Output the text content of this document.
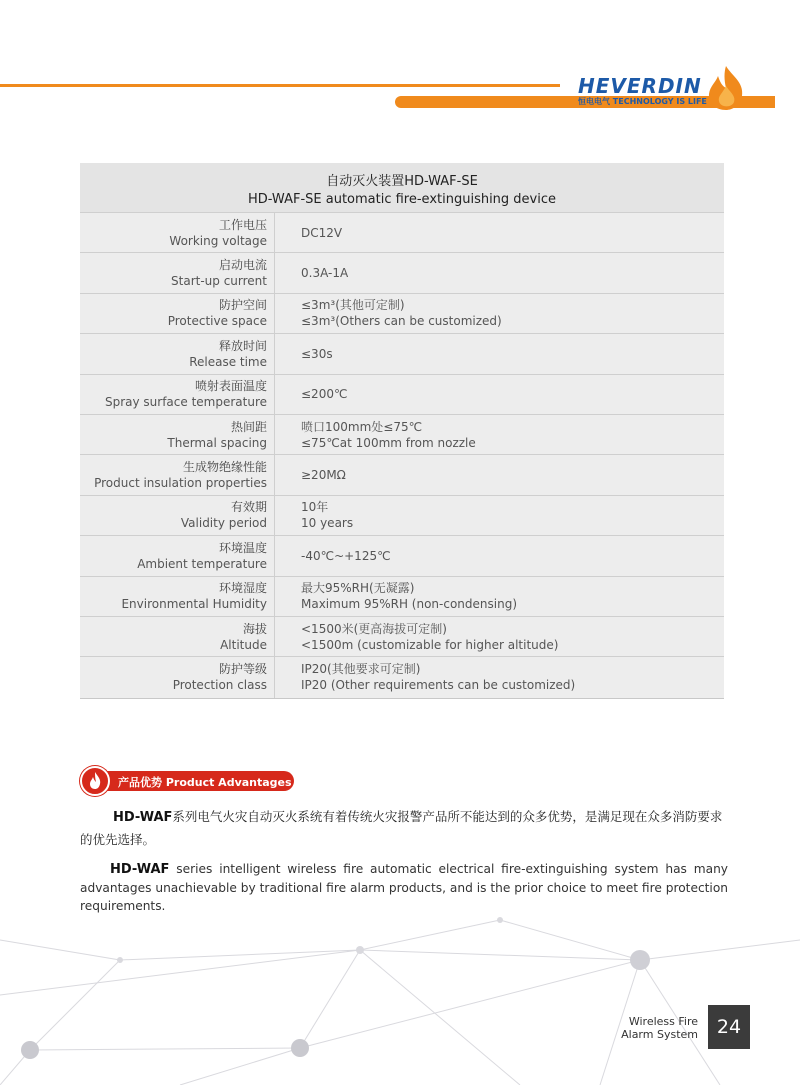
HEVERDIN
恒电电气 TECHNOLOGY IS LIFE
自动灭火装置HD-WAF-SE
HD-WAF-SE automatic fire-extinguishing device
工作电压
Working voltage
DC12V
启动电流
Start-up current
0.3A-1A
防护空间
Protective space
≤3m³(其他可定制)
≤3m³(Others can be customized)
释放时间
Release time
≤30s
喷射表面温度
Spray surface temperature
≤200℃
热间距
Thermal spacing
喷口100mm处≤75℃
≤75℃at 100mm from nozzle
生成物绝缘性能
Product insulation properties
≥20MΩ
有效期
Validity period
10年
10 years
环境温度
Ambient temperature
-40℃~+125℃
环境湿度
Environmental Humidity
最大95%RH(无凝露)
Maximum 95%RH (non-condensing)
海拔
Altitude
<1500米(更高海拔可定制)
<1500m (customizable for higher altitude)
防护等级
Protection class
IP20(其他要求可定制)
IP20 (Other requirements can be customized)
产品优势 Product Advantages
HD-WAF系列电气火灾自动灭火系统有着传统火灾报警产品所不能达到的众多优势，是满足现在众多消防要求的优先选择。
HD-WAF series intelligent wireless fire automatic electrical fire-extinguishing system has many advantages unachievable by traditional fire alarm products, and is the prior choice to meet fire protection requirements.
Wireless Fire
Alarm System 24
